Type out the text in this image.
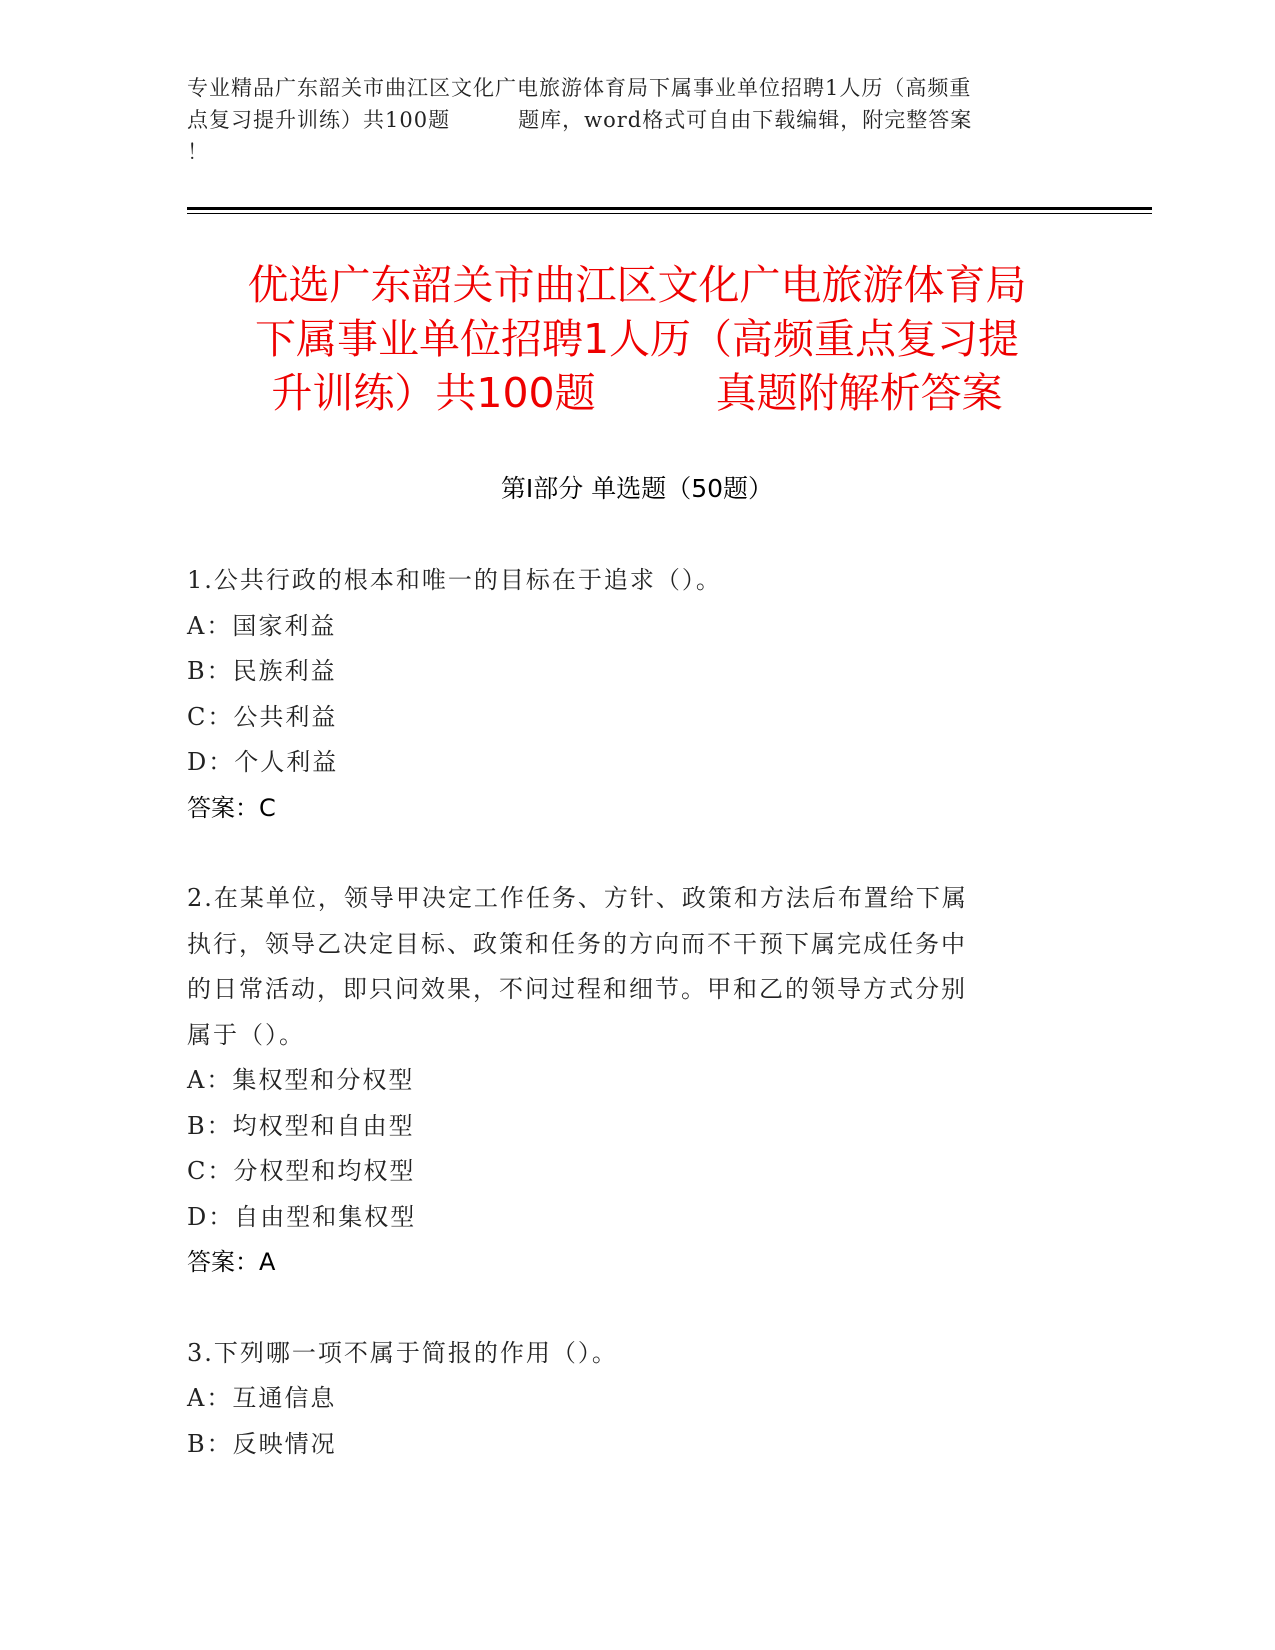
专业精品广东韶关市曲江区文化广电旅游体育局下属事业单位招聘1人历（高频重
点复习提升训练）共100题	题库，word格式可自由下载编辑，附完整答案
！
优选广东韶关市曲江区文化广电旅游体育局
下属事业单位招聘1人历（高频重点复习提
升训练）共100题	真题附解析答案
第Ⅰ部分 单选题（50题）

1.公共行政的根本和唯一的目标在于追求（）。

A：国家利益

B：民族利益

C：公共利益

D：个人利益

答案：C

2.在某单位，领导甲决定工作任务、方针、政策和方法后布置给下属

执行，领导乙决定目标、政策和任务的方向而不干预下属完成任务中

的日常活动，即只问效果，不问过程和细节。甲和乙的领导方式分别

属于（）。

A：集权型和分权型

B：均权型和自由型

C：分权型和均权型

D：自由型和集权型

答案：A

3.下列哪一项不属于简报的作用（）。

A：互通信息

B：反映情况
